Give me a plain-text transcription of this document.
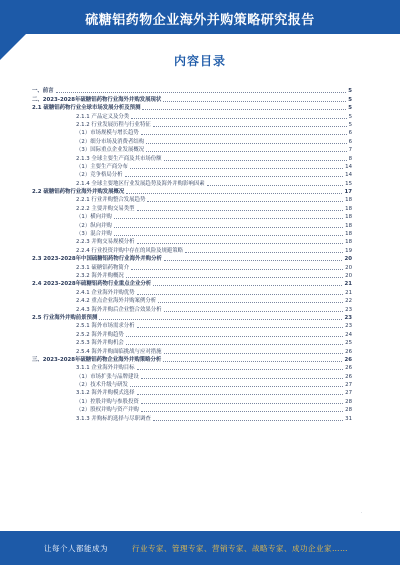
硫糖铝药物企业海外并购策略研究报告
内容目录
一、前言	5
二、2023-2028年硫糖铝药物行业海外并购发展现状	5
2.1 硫糖铝药物行业全球市场发展分析及预测	5
2.1.1 产品定义及分类	5
2.1.2 行业发展历程与行业特征	5
（1）市场规模与增长趋势	6
（2）细分市场及消费者结构	6
（3）国际重点企业发展概况	7
2.1.3 全球主要生产商及其市场份额	8
（1）主要生产商分布	14
（2）竞争格局分析	14
2.1.4 全球主要地区行业发展趋势及海外并购影响因素	15
2.2 硫糖铝药物行业海外并购发展概况	17
2.2.1 行业并购整合发展趋势	18
2.2.2 主要并购交易类型	18
（1）横向并购	18
（2）纵向并购	18
（3）混合并购	18
2.2.3 并购交易规模分析	18
2.2.4 行业投资并购中存在的风险及规避策略	19
2.3 2023-2028年中国硫糖铝药物行业海外并购分析	20
2.3.1 硫糖铝药物简介	20
2.3.2 海外并购概况	20
2.4 2023-2028年硫糖铝药物行业重点企业分析	21
2.4.1 企业海外并购优势	21
2.4.2 重点企业海外并购案例分析	22
2.4.3 海外并购后企业整合效果分析	23
2.5 行业海外并购前景预测	23
2.5.1 海外市场需求分析	23
2.5.2 海外并购趋势	24
2.5.3 海外并购机会	25
2.5.4 海外并购面临挑战与应对措施	26
三、2023-2028年硫糖铝药物企业海外并购策略分析	26
3.1.1 企业海外并购目标	26
（1）市场扩张与品牌建设	26
（2）技术升级与研发	27
3.1.2 海外并购模式选择	27
（1）控股并购与参股投资	28
（2）股权并购与资产并购	28
3.1.3 并购标的选择与尽职调查	31
·
让每个人都能成为	行业专家、管理专家、营销专家、战略专家、成功企业家……
